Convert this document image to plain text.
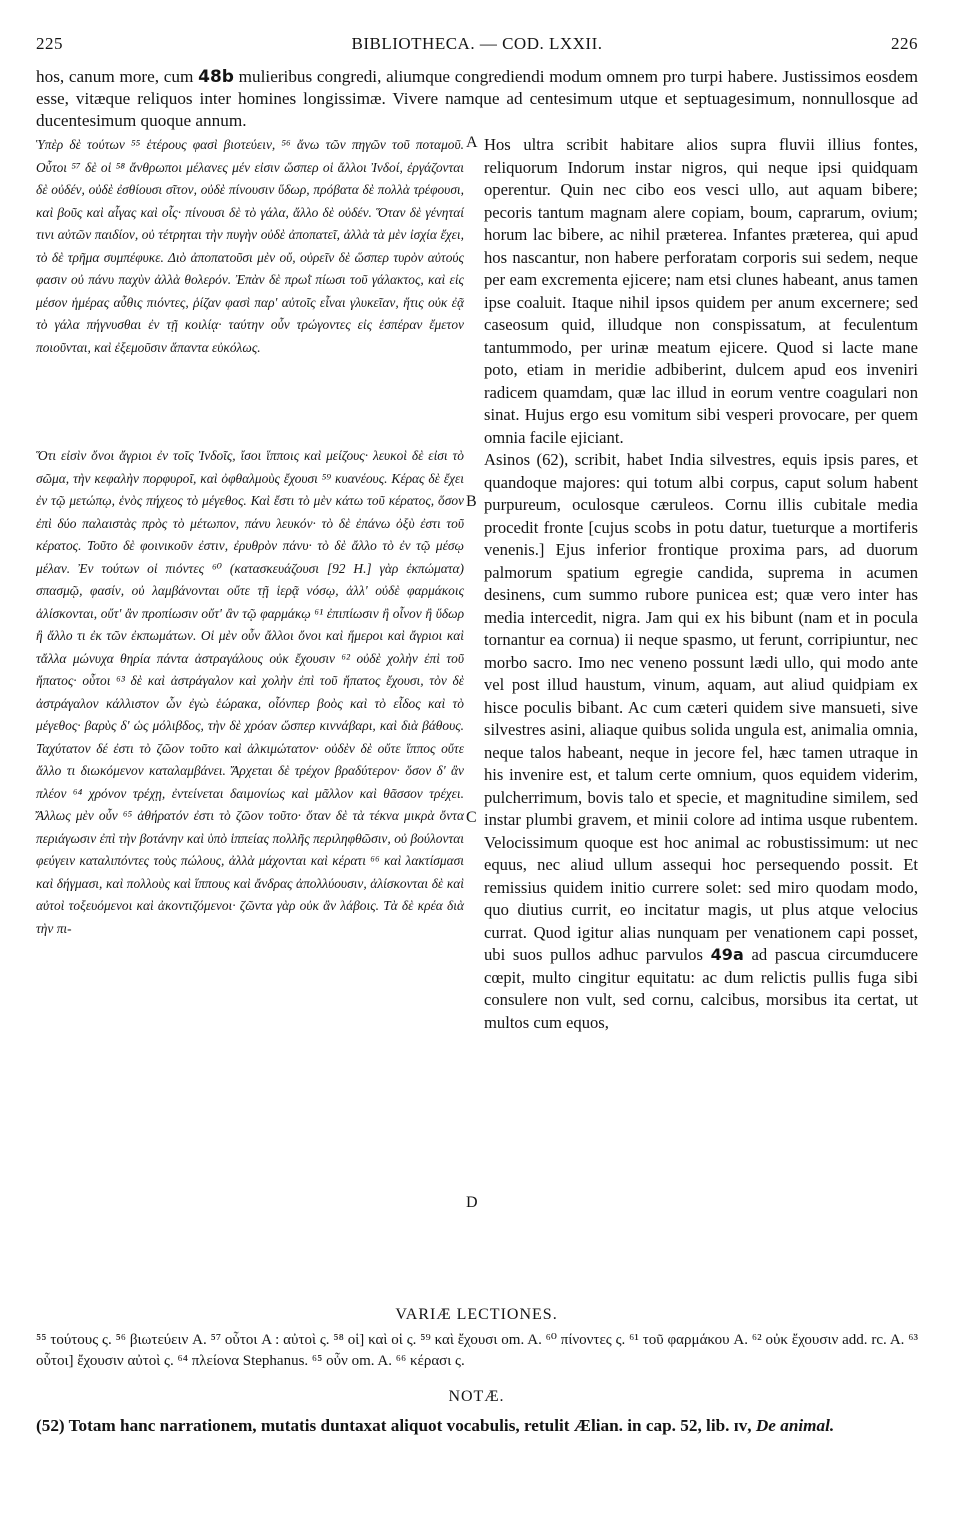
225	BIBLIOTHECA. — COD. LXXII.	226
hos, canum more, cum 48b mulieribus congredi, aliumque congrediendi modum omnem pro turpi habere. Justissimos eosdem esse, vitæque reliquos inter homines longissimæ. Vivere namque ad centesimum utque et septuagesimum, nonnullosque ad ducentesimum quoque annum.

Ὑπὲρ δὲ τούτων ⁵⁵ ἑτέρους φασὶ βιοτεύειν, ⁵⁶ ἄνω τῶν πηγῶν τοῦ ποταμοῦ. Οὗτοι ⁵⁷ δὲ οἱ ⁵⁸ ἄνθρωποι μέλανες μέν εἰσιν ὥσπερ οἱ ἄλλοι Ἰνδοί, ἐργάζονται δὲ οὐδέν, οὐδὲ ἐσθίουσι σῖτον, οὐδὲ πίνουσιν ὕδωρ, πρόβατα δὲ πολλὰ τρέφουσι, καὶ βοῦς καὶ αἶγας καὶ οἶς· πίνουσι δὲ τὸ γάλα, ἄλλο δὲ οὐδέν. Ὅταν δὲ γένηταί τινι αὐτῶν παιδίον, οὐ τέτρηται τὴν πυγὴν οὐδὲ ἀποπατεῖ, ἀλλὰ τὰ μὲν ἰσχία ἔχει, τὸ δὲ τρῆμα συμπέφυκε. Διὸ ἀποπατοῦσι μὲν οὔ, οὐρεῖν δὲ ὥσπερ τυρὸν αὐτούς φασιν οὐ πάνυ παχὺν ἀλλὰ θολερόν. Ἐπὰν δὲ πρωῒ πίωσι τοῦ γάλακτος, καὶ εἰς μέσον ἡμέρας αὖθις πιόντες, ῥίζαν φασὶ παρ' αὐτοῖς εἶναι γλυκεῖαν, ἥτις οὐκ ἐᾷ τὸ γάλα πήγνυσθαι ἐν τῇ κοιλίᾳ· ταύτην οὖν τρώγοντες εἰς ἑσπέραν ἔμετον ποιοῦνται, καὶ ἐξεμοῦσιν ἅπαντα εὐκόλως.

Ὅτι εἰσὶν ὄνοι ἄγριοι ἐν τοῖς Ἰνδοῖς, ἴσοι ἵπποις καὶ μείζους· λευκοὶ δὲ εἰσι τὸ σῶμα, τὴν κεφαλὴν πορφυροῖ, καὶ ὀφθαλμοὺς ἔχουσι ⁵⁹ κυανέους. Κέρας δὲ ἔχει ἐν τῷ μετώπῳ, ἑνὸς πήχεος τὸ μέγεθος. Καὶ ἔστι τὸ μὲν κάτω τοῦ κέρατος, ὅσον ἐπὶ δύο παλαιστὰς πρὸς τὸ μέτωπον, πάνυ λευκόν· τὸ δὲ ἐπάνω ὀξὺ ἐστι τοῦ κέρατος. Τοῦτο δὲ φοινικοῦν ἐστιν, ἐρυθρὸν πάνυ· τὸ δὲ ἄλλο τὸ ἐν τῷ μέσῳ μέλαν. Ἐν τούτων οἱ πιόντες ⁶⁰ (κατασκευάζουσι [92 H.] γὰρ ἐκπώματα) σπασμῷ, φασίν, οὐ λαμβάνονται οὔτε τῇ ἱερᾷ νόσῳ, ἀλλ' οὐδὲ φαρμάκοις ἁλίσκονται, οὔτ' ἂν προπίωσιν οὔτ' ἂν τῷ φαρμάκῳ ⁶¹ ἐπιπίωσιν ἢ οἶνον ἢ ὕδωρ ἢ ἄλλο τι ἐκ τῶν ἐκπωμάτων. Οἱ μὲν οὖν ἄλλοι ὄνοι καὶ ἥμεροι καὶ ἄγριοι καὶ τἄλλα μώνυχα θηρία πάντα ἀστραγάλους οὐκ ἔχουσιν ⁶² οὐδὲ χολὴν ἐπὶ τοῦ ἥπατος· οὗτοι ⁶³ δὲ καὶ ἀστράγαλον καὶ χολὴν ἐπὶ τοῦ ἥπατος ἔχουσι, τὸν δὲ ἀστράγαλον κάλλιστον ὧν ἐγὼ ἑώρακα, οἷόνπερ βοὸς καὶ τὸ εἶδος καὶ τὸ μέγεθος· βαρὺς δ' ὡς μόλιβδος, τὴν δὲ χρόαν ὥσπερ κιννάβαρι, καὶ διὰ βάθους. Ταχύτατον δέ ἐστι τὸ ζῶον τοῦτο καὶ ἀλκιμώτατον· οὐδὲν δὲ οὔτε ἵππος οὔτε ἄλλο τι διωκόμενον καταλαμβάνει. Ἄρχεται δὲ τρέχον βραδύτερον· ὅσον δ' ἂν πλέον ⁶⁴ χρόνον τρέχῃ, ἐντείνεται δαιμονίως καὶ μᾶλλον καὶ θᾶσσον τρέχει. Ἄλλως μὲν οὖν ⁶⁵ ἀθήρατόν ἐστι τὸ ζῶον τοῦτο· ὅταν δὲ τὰ τέκνα μικρὰ ὄντα περιάγωσιν ἐπὶ τὴν βοτάνην καὶ ὑπὸ ἱππείας πολλῆς περιληφθῶσιν, οὐ βούλονται φεύγειν καταλιπόντες τοὺς πώλους, ἀλλὰ μάχονται καὶ κέρατι ⁶⁶ καὶ λακτίσμασι καὶ δήγμασι, καὶ πολλοὺς καὶ ἵππους καὶ ἄνδρας ἀπολλύουσιν, ἁλίσκονται δὲ καὶ αὐτοὶ τοξευόμενοι καὶ ἀκοντιζόμενοι· ζῶντα γὰρ οὐκ ἂν λάβοις. Τὰ δὲ κρέα διὰ τὴν πι-

A
B
C
D

Hos ultra scribit habitare alios supra fluvii illius fontes, reliquorum Indorum instar nigros, qui neque ipsi quidquam operentur. Quin nec cibo eos vesci ullo, aut aquam bibere; pecoris tantum magnam alere copiam, boum, caprarum, ovium; horum lac bibere, ac nihil præterea. Infantes præterea, qui apud hos nascantur, non habere perforatam corporis sui sedem, neque per eam excrementa ejicere; nam etsi clunes habeant, anus tamen ipse coaluit. Itaque nihil ipsos quidem per anum excernere; sed caseosum quid, illudque non conspissatum, at feculentum tantummodo, per urinæ meatum ejicere. Quod si lacte mane poto, etiam in meridie adbiberint, dulcem apud eos inveniri radicem quamdam, quæ lac illud in eorum ventre coagulari non sinat. Hujus ergo esu vomitum sibi vesperi provocare, per quem omnia facile ejiciant.

Asinos (62), scribit, habet India silvestres, equis ipsis pares, et quandoque majores: qui totum albi corpus, caput solum habent purpureum, oculosque cæruleos. Cornu illis cubitale media procedit fronte [cujus scobs in potu datur, tueturque a mortiferis venenis.] Ejus inferior frontique proxima pars, ad duorum palmorum spatium egregie candida, suprema in acumen desinens, cum summo rubore punicea est; quæ vero inter has media intercedit, nigra. Jam qui ex his bibunt (nam et in pocula tornantur ea cornua) ii neque spasmo, ut ferunt, corripiuntur, nec morbo sacro. Imo nec veneno possunt lædi ullo, qui modo ante vel post illud haustum, vinum, aquam, aut aliud quidpiam ex hisce poculis bibant. Ac cum cæteri quidem sive mansueti, sive silvestres asini, aliaque quibus solida ungula est, animalia omnia, neque talos habeant, neque in jecore fel, hæc tamen utraque in his invenire est, et talum certe omnium, quos equidem viderim, pulcherrimum, bovis talo et specie, et magnitudine similem, sed instar plumbi gravem, et minii colore ad intima usque rubentem. Velocissimum quoque est hoc animal ac robustissimum: ut nec equus, nec aliud ullum assequi hoc persequendo possit. Et remissius quidem initio currere solet: sed miro quodam modo, quo diutius currit, eo incitatur magis, ut plus atque velocius currat. Quod igitur alias nunquam per venationem capi posset, ubi suos pullos adhuc parvulos 49a ad pascua circumducere cœpit, multo cingitur equitatu: ac dum relictis pullis fuga sibi consulere non vult, sed cornu, calcibus, morsibus ita certat, ut multos cum equos,

VARIÆ LECTIONES.
⁵⁵ τούτους ς. ⁵⁶ βιωτεύειν A. ⁵⁷ οὗτοι A : αὐτοὶ ς. ⁵⁸ οἱ] καὶ οἱ ς. ⁵⁹ καὶ ἔχουσι om. A. ⁶⁰ πίνοντες ς. ⁶¹ τοῦ φαρμάκου A. ⁶² οὐκ ἔχουσιν add. rc. A. ⁶³ οὗτοι] ἔχουσιν αὐτοὶ ς. ⁶⁴ πλείονα Stephanus. ⁶⁵ οὖν om. A. ⁶⁶ κέρασι ς.
NOTÆ.
(52) Totam hanc narrationem, mutatis duntaxat aliquot vocabulis, retulit Ælian. in cap. 52, lib. ɪᴠ, De animal.
